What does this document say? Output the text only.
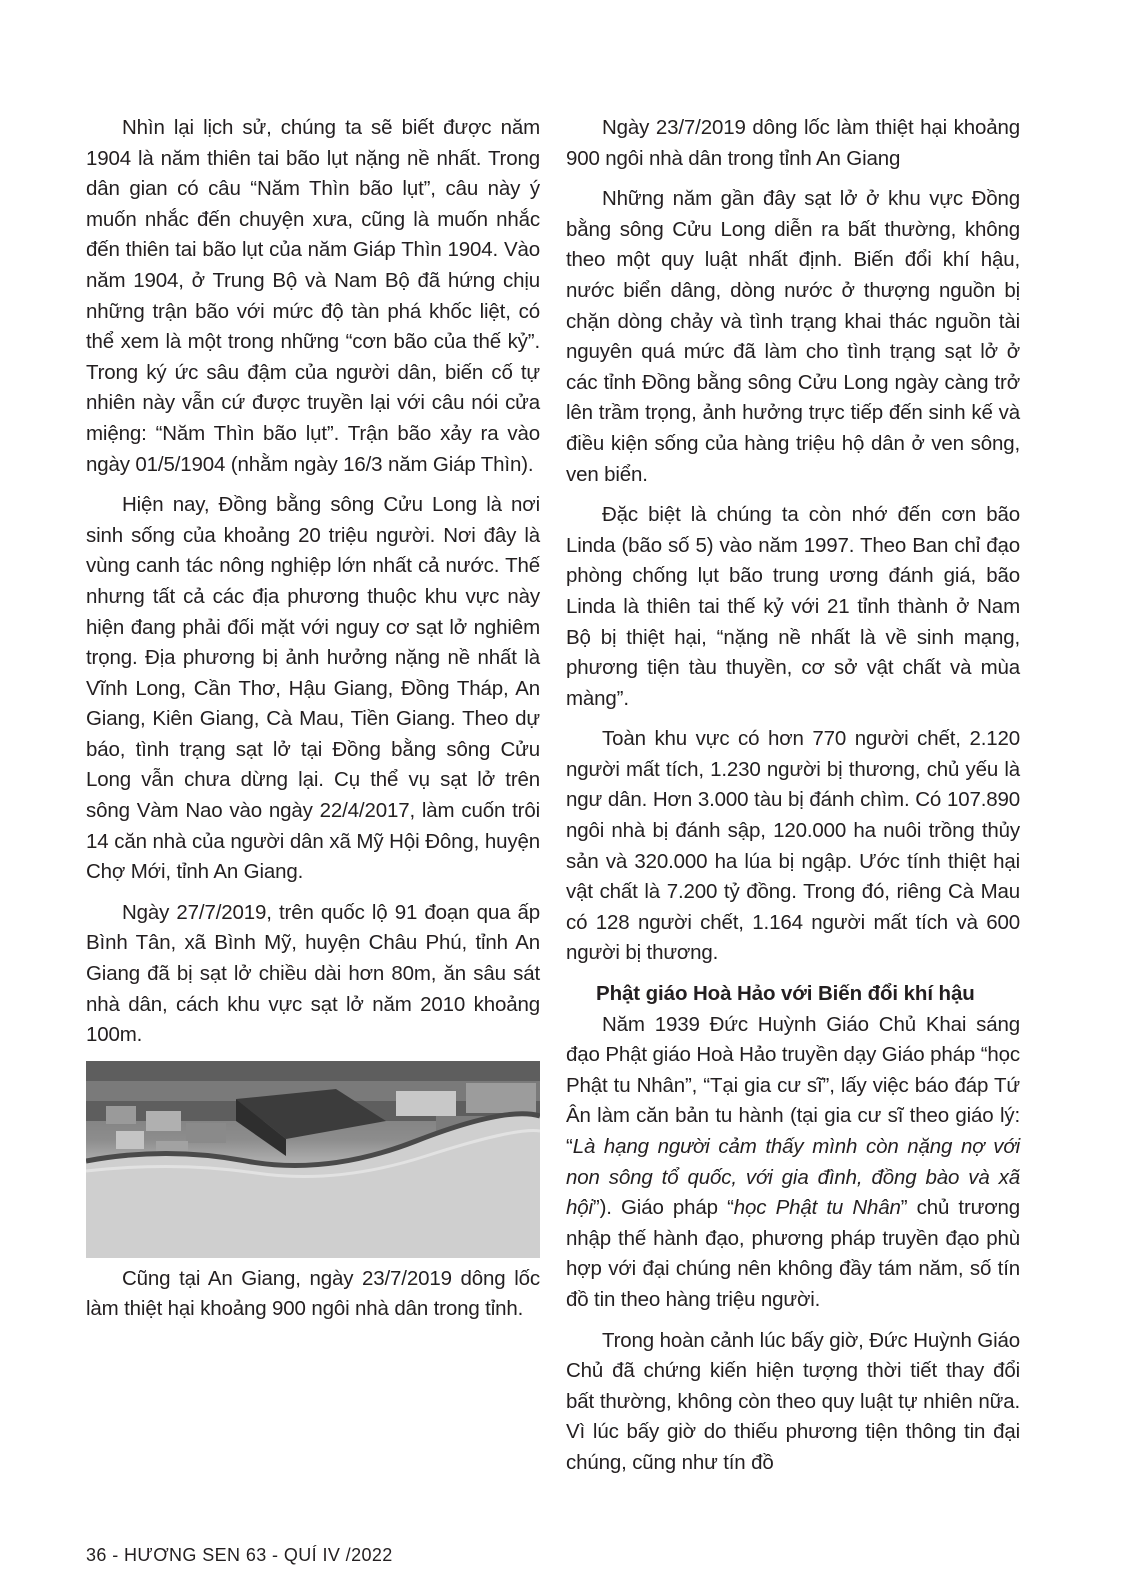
Nhìn lại lịch sử, chúng ta sẽ biết được năm 1904 là năm thiên tai bão lụt nặng nề nhất. Trong dân gian có câu “Năm Thìn bão lụt”, câu này ý muốn nhắc đến chuyện xưa, cũng là muốn nhắc đến thiên tai bão lụt của năm Giáp Thìn 1904. Vào năm 1904, ở Trung Bộ và Nam Bộ đã hứng chịu những trận bão với mức độ tàn phá khốc liệt, có thể xem là một trong những “cơn bão của thế kỷ”. Trong ký ức sâu đậm của người dân, biến cố tự nhiên này vẫn cứ được truyền lại với câu nói cửa miệng: “Năm Thìn bão lụt”. Trận bão xảy ra vào ngày 01/5/1904 (nhằm ngày 16/3 năm Giáp Thìn).

Hiện nay, Đồng bằng sông Cửu Long là nơi sinh sống của khoảng 20 triệu người. Nơi đây là vùng canh tác nông nghiệp lớn nhất cả nước. Thế nhưng tất cả các địa phương thuộc khu vực này hiện đang phải đối mặt với nguy cơ sạt lở nghiêm trọng. Địa phương bị ảnh hưởng nặng nề nhất là Vĩnh Long, Cần Thơ, Hậu Giang, Đồng Tháp, An Giang, Kiên Giang, Cà Mau, Tiền Giang. Theo dự báo, tình trạng sạt lở tại Đồng bằng sông Cửu Long vẫn chưa dừng lại. Cụ thể vụ sạt lở trên sông Vàm Nao vào ngày 22/4/2017, làm cuốn trôi 14 căn nhà của người dân xã Mỹ Hội Đông, huyện Chợ Mới, tỉnh An Giang.

Ngày 27/7/2019, trên quốc lộ 91 đoạn qua ấp Bình Tân, xã Bình Mỹ, huyện Châu Phú, tỉnh An Giang đã bị sạt lở chiều dài hơn 80m, ăn sâu sát nhà dân, cách khu vực sạt lở năm 2010 khoảng 100m.

Cũng tại An Giang, ngày 23/7/2019 dông lốc làm thiệt hại khoảng 900 ngôi nhà dân trong tỉnh.

Ngày 23/7/2019 dông lốc làm thiệt hại khoảng 900 ngôi nhà dân trong tỉnh An Giang

Những năm gần đây sạt lở ở khu vực Đồng bằng sông Cửu Long diễn ra bất thường, không theo một quy luật nhất định. Biến đổi khí hậu, nước biển dâng, dòng nước ở thượng nguồn bị chặn dòng chảy và tình trạng khai thác nguồn tài nguyên quá mức đã làm cho tình trạng sạt lở ở các tỉnh Đồng bằng sông Cửu Long ngày càng trở lên trầm trọng, ảnh hưởng trực tiếp đến sinh kế và điều kiện sống của hàng triệu hộ dân ở ven sông, ven biển.

Đặc biệt là chúng ta còn nhớ đến cơn bão Linda (bão số 5) vào năm 1997. Theo Ban chỉ đạo phòng chống lụt bão trung ương đánh giá, bão Linda là thiên tai thế kỷ với 21 tỉnh thành ở Nam Bộ bị thiệt hại, “nặng nề nhất là về sinh mạng, phương tiện tàu thuyền, cơ sở vật chất và mùa màng”.

Toàn khu vực có hơn 770 người chết, 2.120 người mất tích, 1.230 người bị thương, chủ yếu là ngư dân. Hơn 3.000 tàu bị đánh chìm. Có 107.890 ngôi nhà bị đánh sập, 120.000 ha nuôi trồng thủy sản và 320.000 ha lúa bị ngập. Ước tính thiệt hại vật chất là 7.200 tỷ đồng. Trong đó, riêng Cà Mau có 128 người chết, 1.164 người mất tích và 600 người bị thương.

Phật giáo Hoà Hảo với Biến đổi khí hậu

Năm 1939 Đức Huỳnh Giáo Chủ Khai sáng đạo Phật giáo Hoà Hảo truyền dạy Giáo pháp “học Phật tu Nhân”, “Tại gia cư sĩ”, lấy việc báo đáp Tứ Ân làm căn bản tu hành (tại gia cư sĩ theo giáo lý: “Là hạng người cảm thấy mình còn nặng nợ với non sông tổ quốc, với gia đình, đồng bào và xã hội”). Giáo pháp “học Phật tu Nhân” chủ trương nhập thế hành đạo, phương pháp truyền đạo phù hợp với đại chúng nên không đầy tám năm, số tín đồ tin theo hàng triệu người.

Trong hoàn cảnh lúc bấy giờ, Đức Huỳnh Giáo Chủ đã chứng kiến hiện tượng thời tiết thay đổi bất thường, không còn theo quy luật tự nhiên nữa. Vì lúc bấy giờ do thiếu phương tiện thông tin đại chúng, cũng như tín đồ

36 - HƯƠNG SEN 63 - QUÍ IV /2022
